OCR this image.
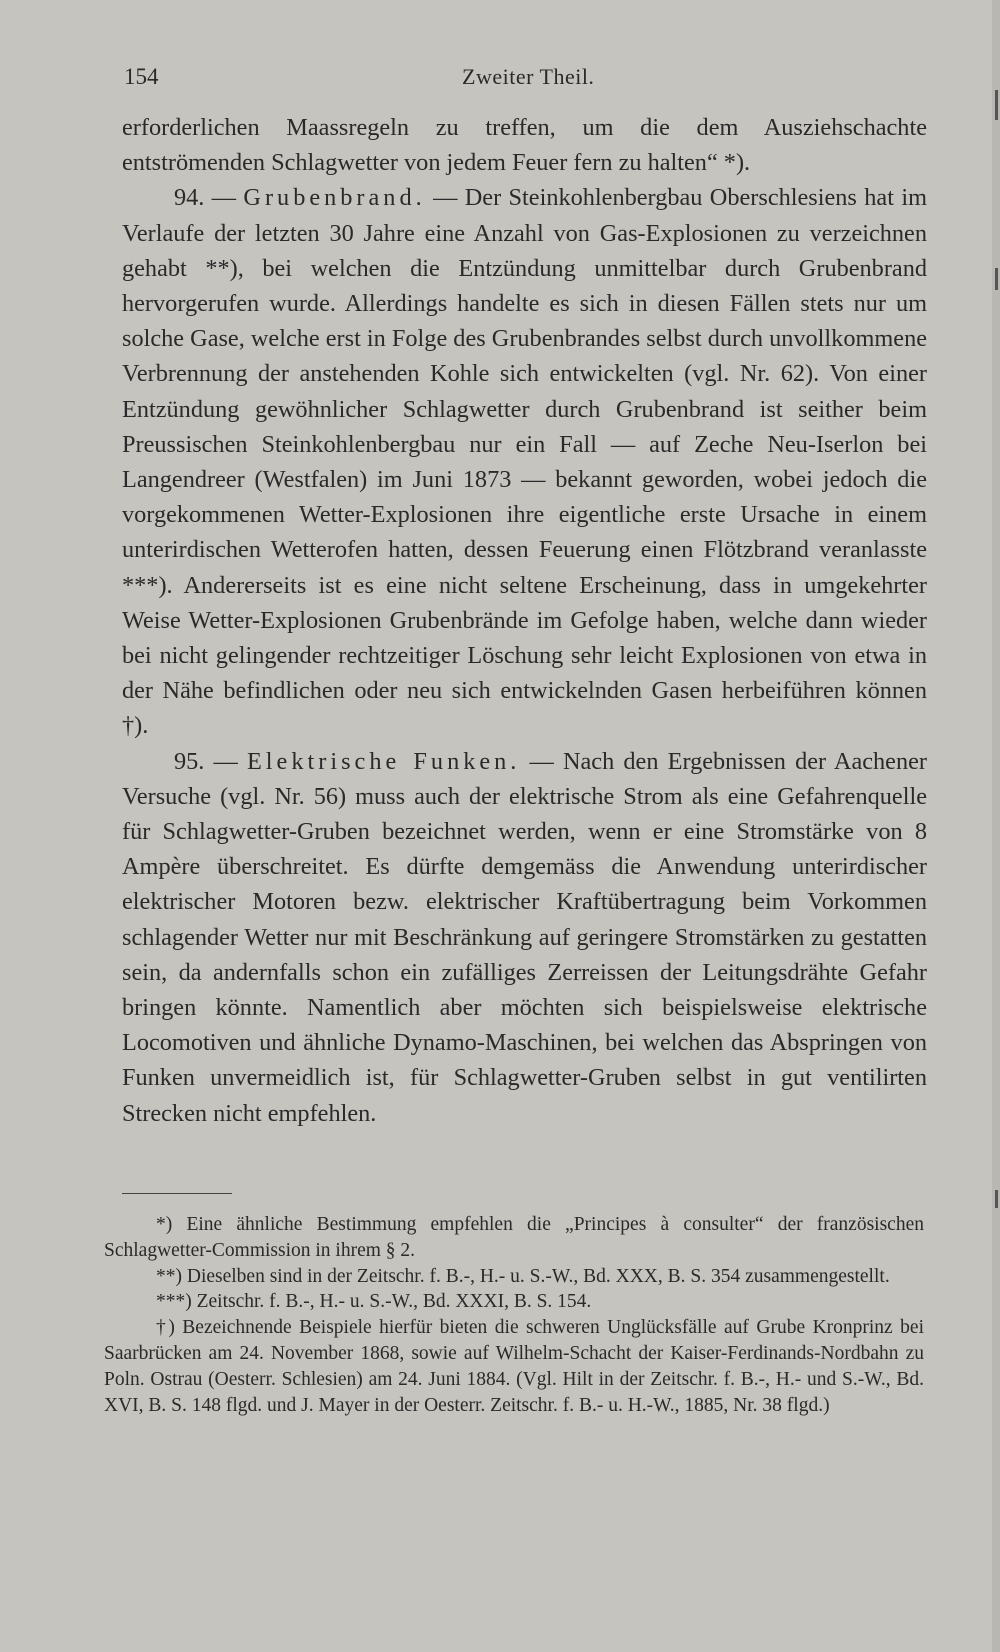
154	Zweiter Theil.

erforderlichen Maassregeln zu treffen, um die dem Ausziehschachte entströmenden Schlagwetter von jedem Feuer fern zu halten“ *).

94. — Grubenbrand. — Der Steinkohlenbergbau Oberschlesiens hat im Verlaufe der letzten 30 Jahre eine Anzahl von Gas-Explosionen zu verzeichnen gehabt **), bei welchen die Entzündung unmittelbar durch Grubenbrand hervorgerufen wurde. Allerdings handelte es sich in diesen Fällen stets nur um solche Gase, welche erst in Folge des Grubenbrandes selbst durch unvollkommene Verbrennung der anstehenden Kohle sich entwickelten (vgl. Nr. 62). Von einer Entzündung gewöhnlicher Schlagwetter durch Grubenbrand ist seither beim Preussischen Steinkohlenbergbau nur ein Fall — auf Zeche Neu-Iserlon bei Langendreer (Westfalen) im Juni 1873 — bekannt geworden, wobei jedoch die vorgekommenen Wetter-Explosionen ihre eigentliche erste Ursache in einem unterirdischen Wetterofen hatten, dessen Feuerung einen Flötzbrand veranlasste ***). Andererseits ist es eine nicht seltene Erscheinung, dass in umgekehrter Weise Wetter-Explosionen Grubenbrände im Gefolge haben, welche dann wieder bei nicht gelingender rechtzeitiger Löschung sehr leicht Explosionen von etwa in der Nähe befindlichen oder neu sich entwickelnden Gasen herbeiführen können †).

95. — Elektrische Funken. — Nach den Ergebnissen der Aachener Versuche (vgl. Nr. 56) muss auch der elektrische Strom als eine Gefahrenquelle für Schlagwetter-Gruben bezeichnet werden, wenn er eine Stromstärke von 8 Ampère überschreitet. Es dürfte demgemäss die Anwendung unterirdischer elektrischer Motoren bezw. elektrischer Kraftübertragung beim Vorkommen schlagender Wetter nur mit Beschränkung auf geringere Stromstärken zu gestatten sein, da andernfalls schon ein zufälliges Zerreissen der Leitungsdrähte Gefahr bringen könnte. Namentlich aber möchten sich beispielsweise elektrische Locomotiven und ähnliche Dynamo-Maschinen, bei welchen das Abspringen von Funken unvermeidlich ist, für Schlagwetter-Gruben selbst in gut ventilirten Strecken nicht empfehlen.

*) Eine ähnliche Bestimmung empfehlen die „Principes à consulter“ der französischen Schlagwetter-Commission in ihrem § 2.

**) Dieselben sind in der Zeitschr. f. B.-, H.- u. S.-W., Bd. XXX, B. S. 354 zusammengestellt.

***) Zeitschr. f. B.-, H.- u. S.-W., Bd. XXXI, B. S. 154.

†) Bezeichnende Beispiele hierfür bieten die schweren Unglücksfälle auf Grube Kronprinz bei Saarbrücken am 24. November 1868, sowie auf Wilhelm-Schacht der Kaiser-Ferdinands-Nordbahn zu Poln. Ostrau (Oesterr. Schlesien) am 24. Juni 1884. (Vgl. Hilt in der Zeitschr. f. B.-, H.- und S.-W., Bd. XVI, B. S. 148 flgd. und J. Mayer in der Oesterr. Zeitschr. f. B.- u. H.-W., 1885, Nr. 38 flgd.)
